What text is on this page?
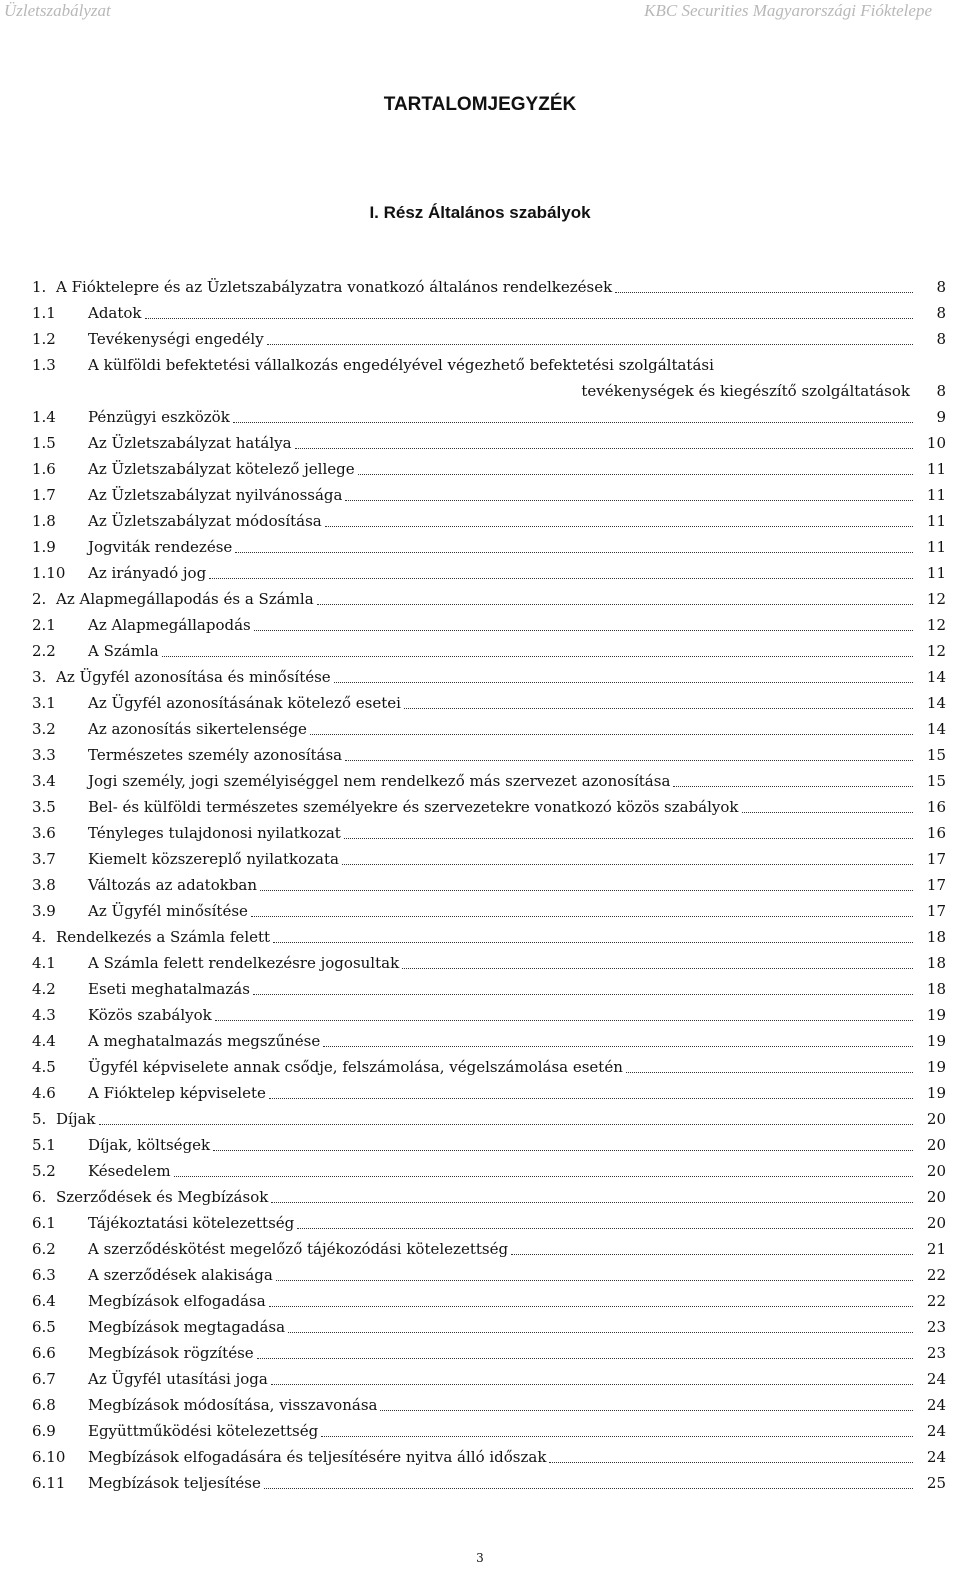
Üzletszabályzat	KBC Securities Magyarországi Fióktelepe
TARTALOMJEGYZÉK
I. Rész Általános szabályok
1. A Fióktelepre és az Üzletszabályzatra vonatkozó általános rendelkezések	8
1.1 Adatok	8
1.2 Tevékenységi engedély	8
1.3 A külföldi befektetési vállalkozás engedélyével végezhető befektetési szolgáltatási
tevékenységek és kiegészítő szolgáltatások	8
1.4 Pénzügyi eszközök	9
1.5 Az Üzletszabályzat hatálya	10
1.6 Az Üzletszabályzat kötelező jellege	11
1.7 Az Üzletszabályzat nyilvánossága	11
1.8 Az Üzletszabályzat módosítása	11
1.9 Jogviták rendezése	11
1.10 Az irányadó jog	11
2. Az Alapmegállapodás és a Számla	12
2.1 Az Alapmegállapodás	12
2.2 A Számla	12
3. Az Ügyfél azonosítása és minősítése	14
3.1 Az Ügyfél azonosításának kötelező esetei	14
3.2 Az azonosítás sikertelensége	14
3.3 Természetes személy azonosítása	15
3.4 Jogi személy, jogi személyiséggel nem rendelkező más szervezet azonosítása	15
3.5 Bel- és külföldi természetes személyekre és szervezetekre vonatkozó közös szabályok	16
3.6 Tényleges tulajdonosi nyilatkozat	16
3.7 Kiemelt közszereplő nyilatkozata	17
3.8 Változás az adatokban	17
3.9 Az Ügyfél minősítése	17
4. Rendelkezés a Számla felett	18
4.1 A Számla felett rendelkezésre jogosultak	18
4.2 Eseti meghatalmazás	18
4.3 Közös szabályok	19
4.4 A meghatalmazás megszűnése	19
4.5 Ügyfél képviselete annak csődje, felszámolása, végelszámolása esetén	19
4.6 A Fióktelep képviselete	19
5. Díjak	20
5.1 Díjak, költségek	20
5.2 Késedelem	20
6. Szerződések és Megbízások	20
6.1 Tájékoztatási kötelezettség	20
6.2 A szerződéskötést megelőző tájékozódási kötelezettség	21
6.3 A szerződések alakisága	22
6.4 Megbízások elfogadása	22
6.5 Megbízások megtagadása	23
6.6 Megbízások rögzítése	23
6.7 Az Ügyfél utasítási joga	24
6.8 Megbízások módosítása, visszavonása	24
6.9 Együttműködési kötelezettség	24
6.10 Megbízások elfogadására és teljesítésére nyitva álló időszak	24
6.11 Megbízások teljesítése	25
3
